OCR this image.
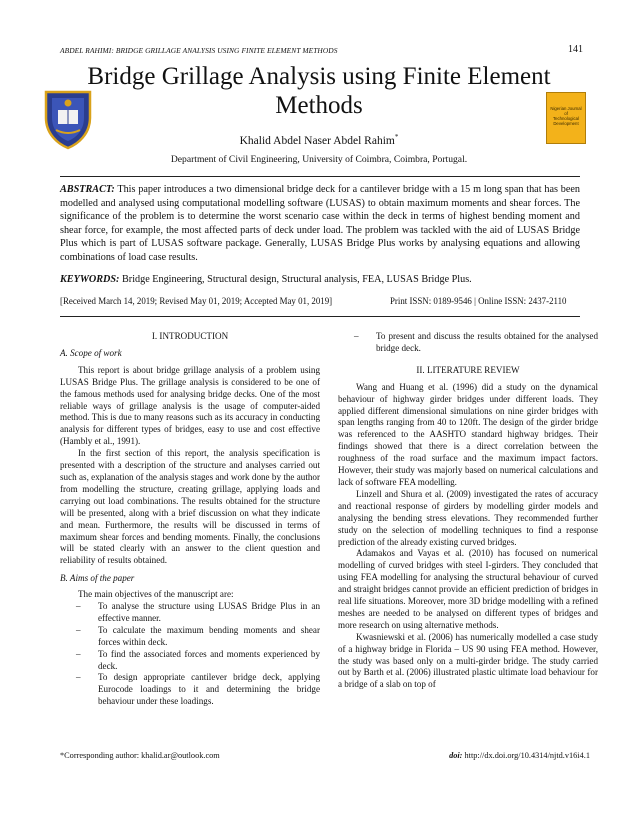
ABDEL RAHIMI: BRIDGE GRILLAGE ANALYSIS USING FINITE ELEMENT METHODS	141
Bridge Grillage Analysis using Finite Element
Methods	Nigerian Journal
of
Technological
Development
Khalid Abdel Naser Abdel Rahim*
Department of Civil Engineering, University of Coimbra, Coimbra, Portugal.
ABSTRACT: This paper introduces a two dimensional bridge deck for a cantilever bridge with a 15 m long span that has been modelled and analysed using computational modelling software (LUSAS) to obtain maximum moments and shear forces. The significance of the problem is to determine the worst scenario case within the deck in terms of highest bending moment and shear force, for example, the most affected parts of deck under load. The problem was tackled with the aid of LUSAS Bridge Plus which is part of LUSAS software package. Generally, LUSAS Bridge Plus works by analysing equations and allowing combinations of load case results.
KEYWORDS: Bridge Engineering, Structural design, Structural analysis, FEA, LUSAS Bridge Plus.
[Received March 14, 2019; Revised May 01, 2019; Accepted May 01, 2019]	Print ISSN: 0189-9546 | Online ISSN: 2437-2110

I. INTRODUCTION

A. Scope of work

This report is about bridge grillage analysis of a problem using LUSAS Bridge Plus. The grillage analysis is considered to be one of the famous methods used for analysing bridge decks. One of the most reliable ways of grillage analysis is the usage of computer-aided method. This is due to many reasons such as its accuracy in conducting analysis for different types of bridges, easy to use and cost effective (Hambly et al., 1991).

In the first section of this report, the analysis specification is presented with a description of the structure and analyses carried out such as, explanation of the analysis stages and work done by the author from modelling the structure, creating grillage, applying loads and carrying out load combinations. The results obtained for the structure will be presented, along with a brief discussion on what they indicate and mean. Furthermore, the results will be discussed in terms of maximum shear forces and bending moments. Finally, the conclusions will be stated clearly with an answer to the client question and reliability of results obtained.

B. Aims of the paper

The main objectives of the manuscript are:

– To analyse the structure using LUSAS Bridge Plus in an effective manner.
– To calculate the maximum bending moments and shear forces within deck.
– To find the associated forces and moments experienced by deck.
– To design appropriate cantilever bridge deck, applying Eurocode loadings to it and determining the bridge behaviour under these loadings.
– To present and discuss the results obtained for the analysed bridge deck.

II. LITERATURE REVIEW

Wang and Huang et al. (1996) did a study on the dynamical behaviour of highway girder bridges under different loads. They applied different dimensional simulations on nine girder bridges with span lengths ranging from 40 to 120ft. The design of the girder bridge was referenced to the AASHTO standard highway bridges. Their findings showed that there is a direct correlation between the roughness of the road surface and the maximum impact factors. However, their study was majorly based on numerical calculations and lack of software FEA modelling.

Linzell and Shura et al. (2009) investigated the rates of accuracy and reactional response of girders by modelling girder models and analysing the bending stress elevations. They recommended further study on the selection of modelling techniques to find a response prediction of the already existing curved bridges.

Adamakos and Vayas et al. (2010) has focused on numerical modelling of curved bridges with steel I-girders. They concluded that using FEA modelling for analysing the structural behaviour of curved and straight bridges cannot provide an efficient prediction of bridges in real life situations. Moreover, more 3D bridge modelling with a refined meshes are needed to be analysed on different types of bridges and more research on using alternative methods.

Kwasniewski et al. (2006) has numerically modelled a case study of a highway bridge in Florida – US 90 using FEA method. However, the study was based only on a multi-girder bridge. The study carried out by Barth et al. (2006) illustrated plastic ultimate load behaviour for a bridge of a slab on top of

*Corresponding author: khalid.ar@outlook.com	doi: http://dx.doi.org/10.4314/njtd.v16i4.1
